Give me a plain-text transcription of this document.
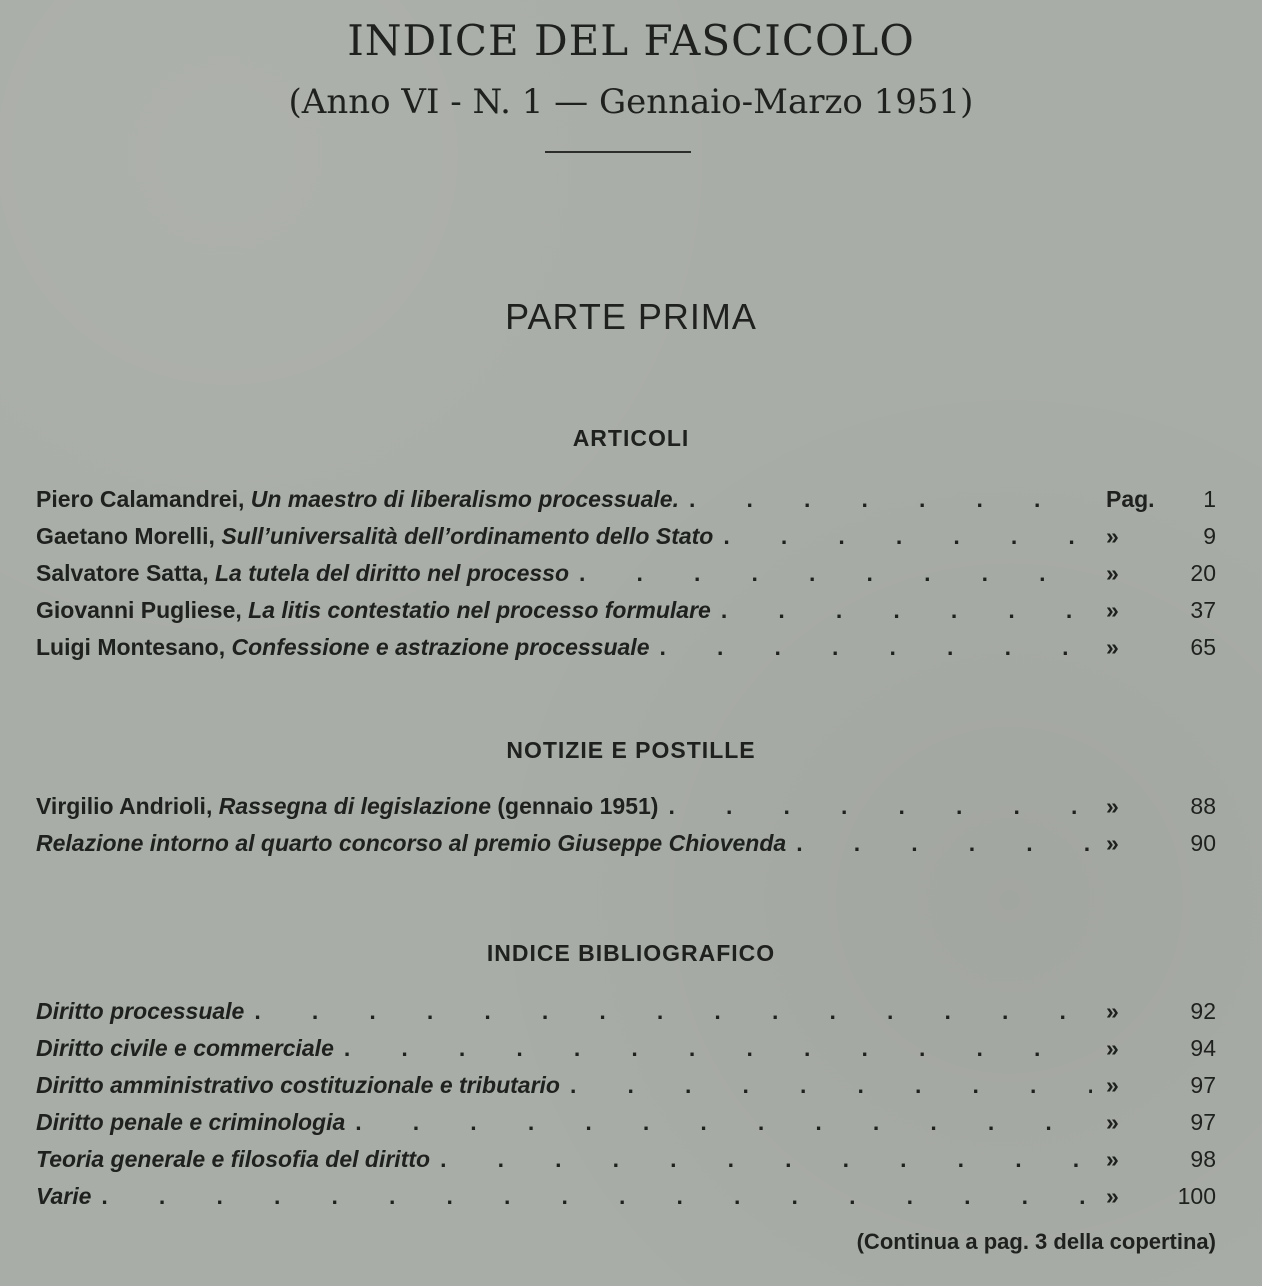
INDICE DEL FASCICOLO

(Anno VI - N. 1 — Gennaio-Marzo 1951)

PARTE PRIMA
ARTICOLI
Piero Calamandrei, Un maestro di liberalismo processuale. .	Pag.	1
Gaetano Morelli, Sull’universalità dell’ordinamento dello Stato .	»	9
Salvatore Satta, La tutela del diritto nel processo .	»	20
Giovanni Pugliese, La litis contestatio nel processo formulare .	»	37
Luigi Montesano, Confessione e astrazione processuale .	»	65
NOTIZIE E POSTILLE
Virgilio Andrioli, Rassegna di legislazione (gennaio 1951) .	»	88
Relazione intorno al quarto concorso al premio Giuseppe Chiovenda .	»	90
INDICE BIBLIOGRAFICO
Diritto processuale .	»	92
Diritto civile e commerciale .	»	94
Diritto amministrativo costituzionale e tributario .	»	97
Diritto penale e criminologia .	»	97
Teoria generale e filosofia del diritto .	»	98
Varie .	»	100

(Continua a pag. 3 della copertina)
